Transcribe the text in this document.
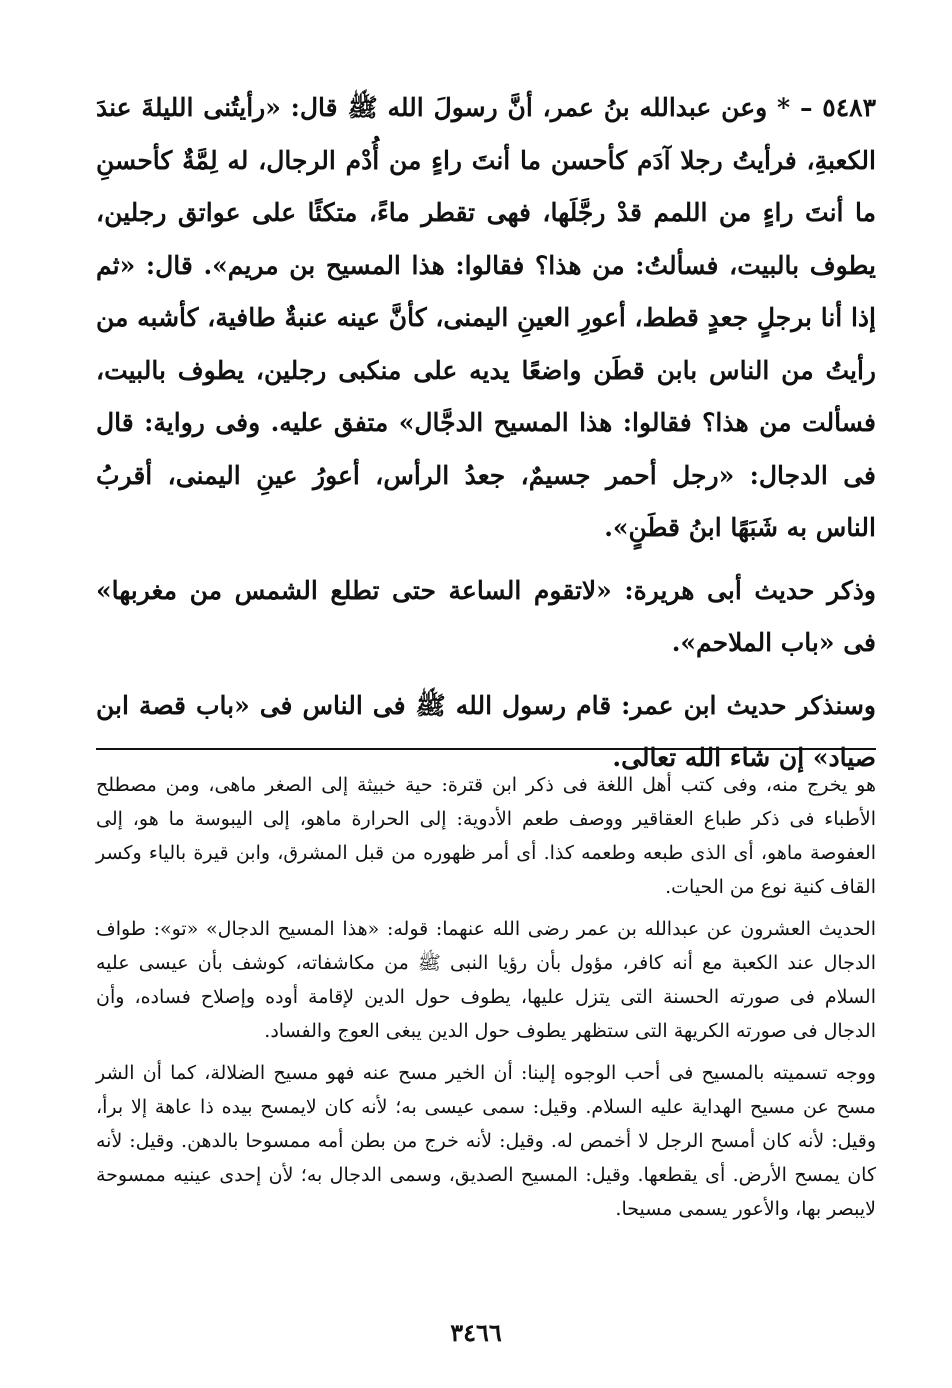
٥٤٨٣ – * وعن عبدالله بنُ عمر، أنَّ رسولَ الله ﷺ قال: «رأيتُنى الليلةَ عندَ الكعبةِ، فرأيتُ رجلا آدَم كأحسن ما أنتَ راءٍ من أُدْم الرجال، له لِمَّةٌ كأحسنِ ما أنتَ راءٍ من اللمم قدْ رجَّلَها، فهى تقطر ماءً، متكئًا على عواتق رجلين، يطوف بالبيت، فسألتُ: من هذا؟ فقالوا: هذا المسيح بن مريم». قال: «ثم إذا أنا برجلٍ جعدٍ قطط، أعورِ العينِ اليمنى، كأنَّ عينه عنبةٌ طافية، كأشبه من رأيتُ من الناس بابن قطَن واضعًا يديه على منكبى رجلين، يطوف بالبيت، فسألت من هذا؟ فقالوا: هذا المسيح الدجَّال» متفق عليه. وفى رواية: قال فى الدجال: «رجل أحمر جسيمٌ، جعدُ الرأس، أعورُ عينِ اليمنى، أقربُ الناس به شَبَهًا ابنُ قطَنٍ».

وذكر حديث أبى هريرة: «لاتقوم الساعة حتى تطلع الشمس من مغربها» فى «باب الملاحم».

وسنذكر حديث ابن عمر: قام رسول الله ﷺ فى الناس فى «باب قصة ابن صياد» إن شاء الله تعالى.

هو يخرج منه، وفى كتب أهل اللغة فى ذكر ابن قترة: حية خبيثة إلى الصغر ماهى، ومن مصطلح الأطباء فى ذكر طباع العقاقير ووصف طعم الأدوية: إلى الحرارة ماهو، إلى اليبوسة ما هو، إلى العفوصة ماهو، أى الذى طبعه وطعمه كذا. أى أمر ظهوره من قبل المشرق، وابن قيرة بالياء وكسر القاف كنية نوع من الحيات.

الحديث العشرون عن عبدالله بن عمر رضى الله عنهما: قوله: «هذا المسيح الدجال» «تو»: طواف الدجال عند الكعبة مع أنه كافر، مؤول بأن رؤيا النبى ﷺ من مكاشفاته، كوشف بأن عيسى عليه السلام فى صورته الحسنة التى يتزل عليها، يطوف حول الدين لإقامة أوده وإصلاح فساده، وأن الدجال فى صورته الكريهة التى ستظهر يطوف حول الدين يبغى العوج والفساد.

ووجه تسميته بالمسيح فى أحب الوجوه إلينا: أن الخير مسح عنه فهو مسيح الضلالة، كما أن الشر مسح عن مسيح الهداية عليه السلام. وقيل: سمى عيسى به؛ لأنه كان لايمسح بيده ذا عاهة إلا برأ، وقيل: لأنه كان أمسح الرجل لا أخمص له. وقيل: لأنه خرج من بطن أمه ممسوحا بالدهن. وقيل: لأنه كان يمسح الأرض. أى يقطعها. وقيل: المسيح الصديق، وسمى الدجال به؛ لأن إحدى عينيه ممسوحة لايبصر بها، والأعور يسمى مسيحا.

٣٤٦٦
